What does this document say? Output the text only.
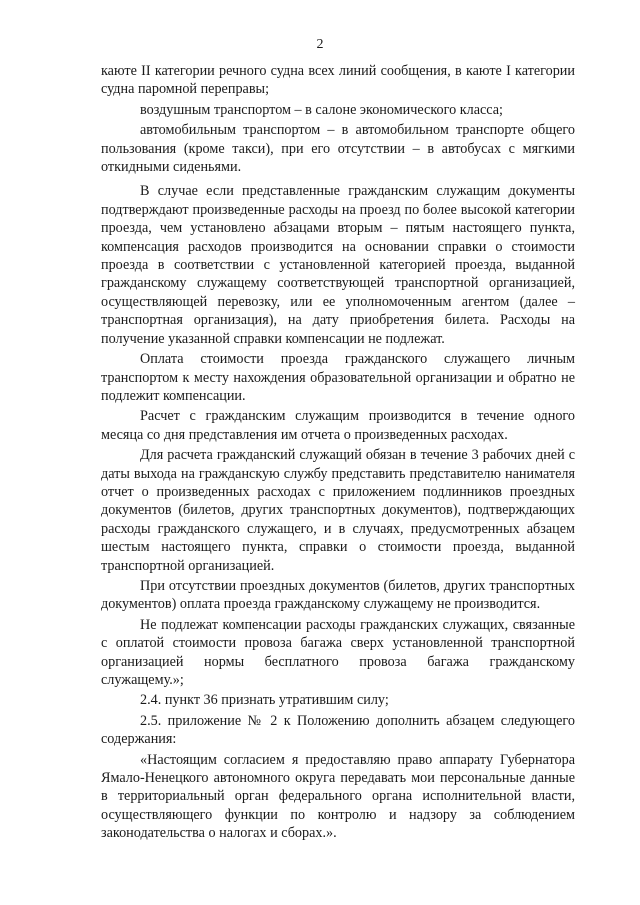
2

каюте II категории речного судна всех линий сообщения, в каюте I категории судна паромной переправы;

воздушным транспортом – в салоне экономического класса;

автомобильным транспортом – в автомобильном транспорте общего пользования (кроме такси), при его отсутствии – в автобусах с мягкими откидными сиденьями.

В случае если представленные гражданским служащим документы подтверждают произведенные расходы на проезд по более высокой категории проезда, чем установлено абзацами вторым – пятым настоящего пункта, компенсация расходов производится на основании справки о стоимости проезда в соответствии с установленной категорией проезда, выданной гражданскому служащему соответствующей транспортной организацией, осуществляющей перевозку, или ее уполномоченным агентом (далее – транспортная организация), на дату приобретения билета. Расходы на получение указанной справки компенсации не подлежат.

Оплата стоимости проезда гражданского служащего личным транспортом к месту нахождения образовательной организации и обратно не подлежит компенсации.

Расчет с гражданским служащим производится в течение одного месяца со дня представления им отчета о произведенных расходах.

Для расчета гражданский служащий обязан в течение 3 рабочих дней с даты выхода на гражданскую службу представить представителю нанимателя отчет о произведенных расходах с приложением подлинников проездных документов (билетов, других транспортных документов), подтверждающих расходы гражданского служащего, и в случаях, предусмотренных абзацем шестым настоящего пункта, справки о стоимости проезда, выданной транспортной организацией.

При отсутствии проездных документов (билетов, других транспортных документов) оплата проезда гражданскому служащему не производится.

Не подлежат компенсации расходы гражданских служащих, связанные с оплатой стоимости провоза багажа сверх установленной транспортной организацией нормы бесплатного провоза багажа гражданскому служащему.»;

2.4. пункт 36 признать утратившим силу;

2.5. приложение № 2 к Положению дополнить абзацем следующего содержания:

«Настоящим согласием я предоставляю право аппарату Губернатора Ямало-Ненецкого автономного округа передавать мои персональные данные в территориальный орган федерального органа исполнительной власти, осуществляющего функции по контролю и надзору за соблюдением законодательства о налогах и сборах.».
